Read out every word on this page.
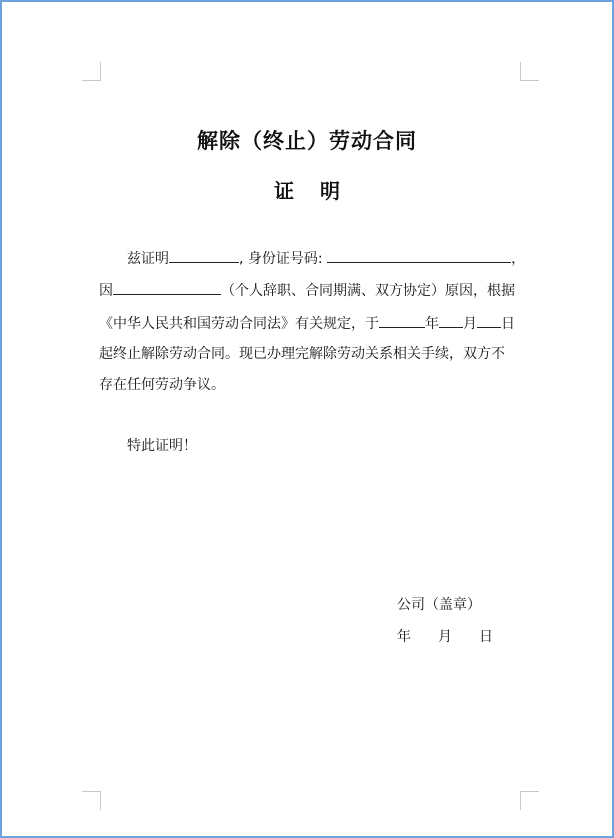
解除（终止）劳动合同
证 明
兹证明	, 身份证号码:	，
因	（个人辞职、合同期满、双方协定）原因，根据
《中华人民共和国劳动合同法》有关规定，于	年 月 日
起终止解除劳动合同。现已办理完解除劳动关系相关手续，双方不
存在任何劳动争议。
特此证明！
公司（盖章）
年 月 日
